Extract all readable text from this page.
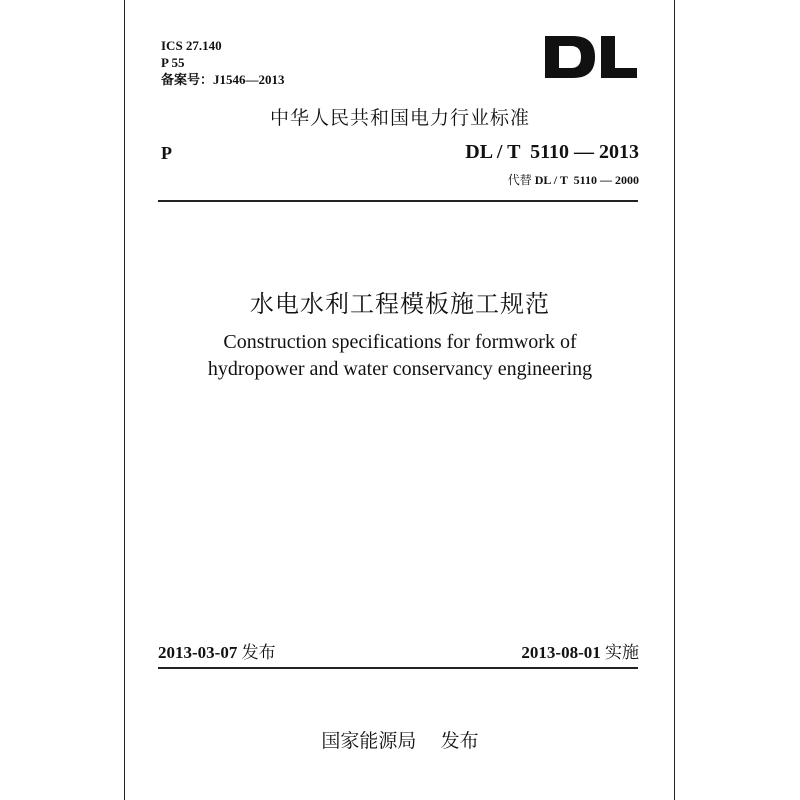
ICS 27.140
P 55
备案号：J1546—2013
中华人民共和国电力行业标准
P	DL / T  5110 — 2013
代替 DL / T  5110 — 2000
水电水利工程模板施工规范
Construction specifications for formwork of
hydropower and water conservancy engineering
2013-03-07 发布	2013-08-01 实施
国家能源局 发布
